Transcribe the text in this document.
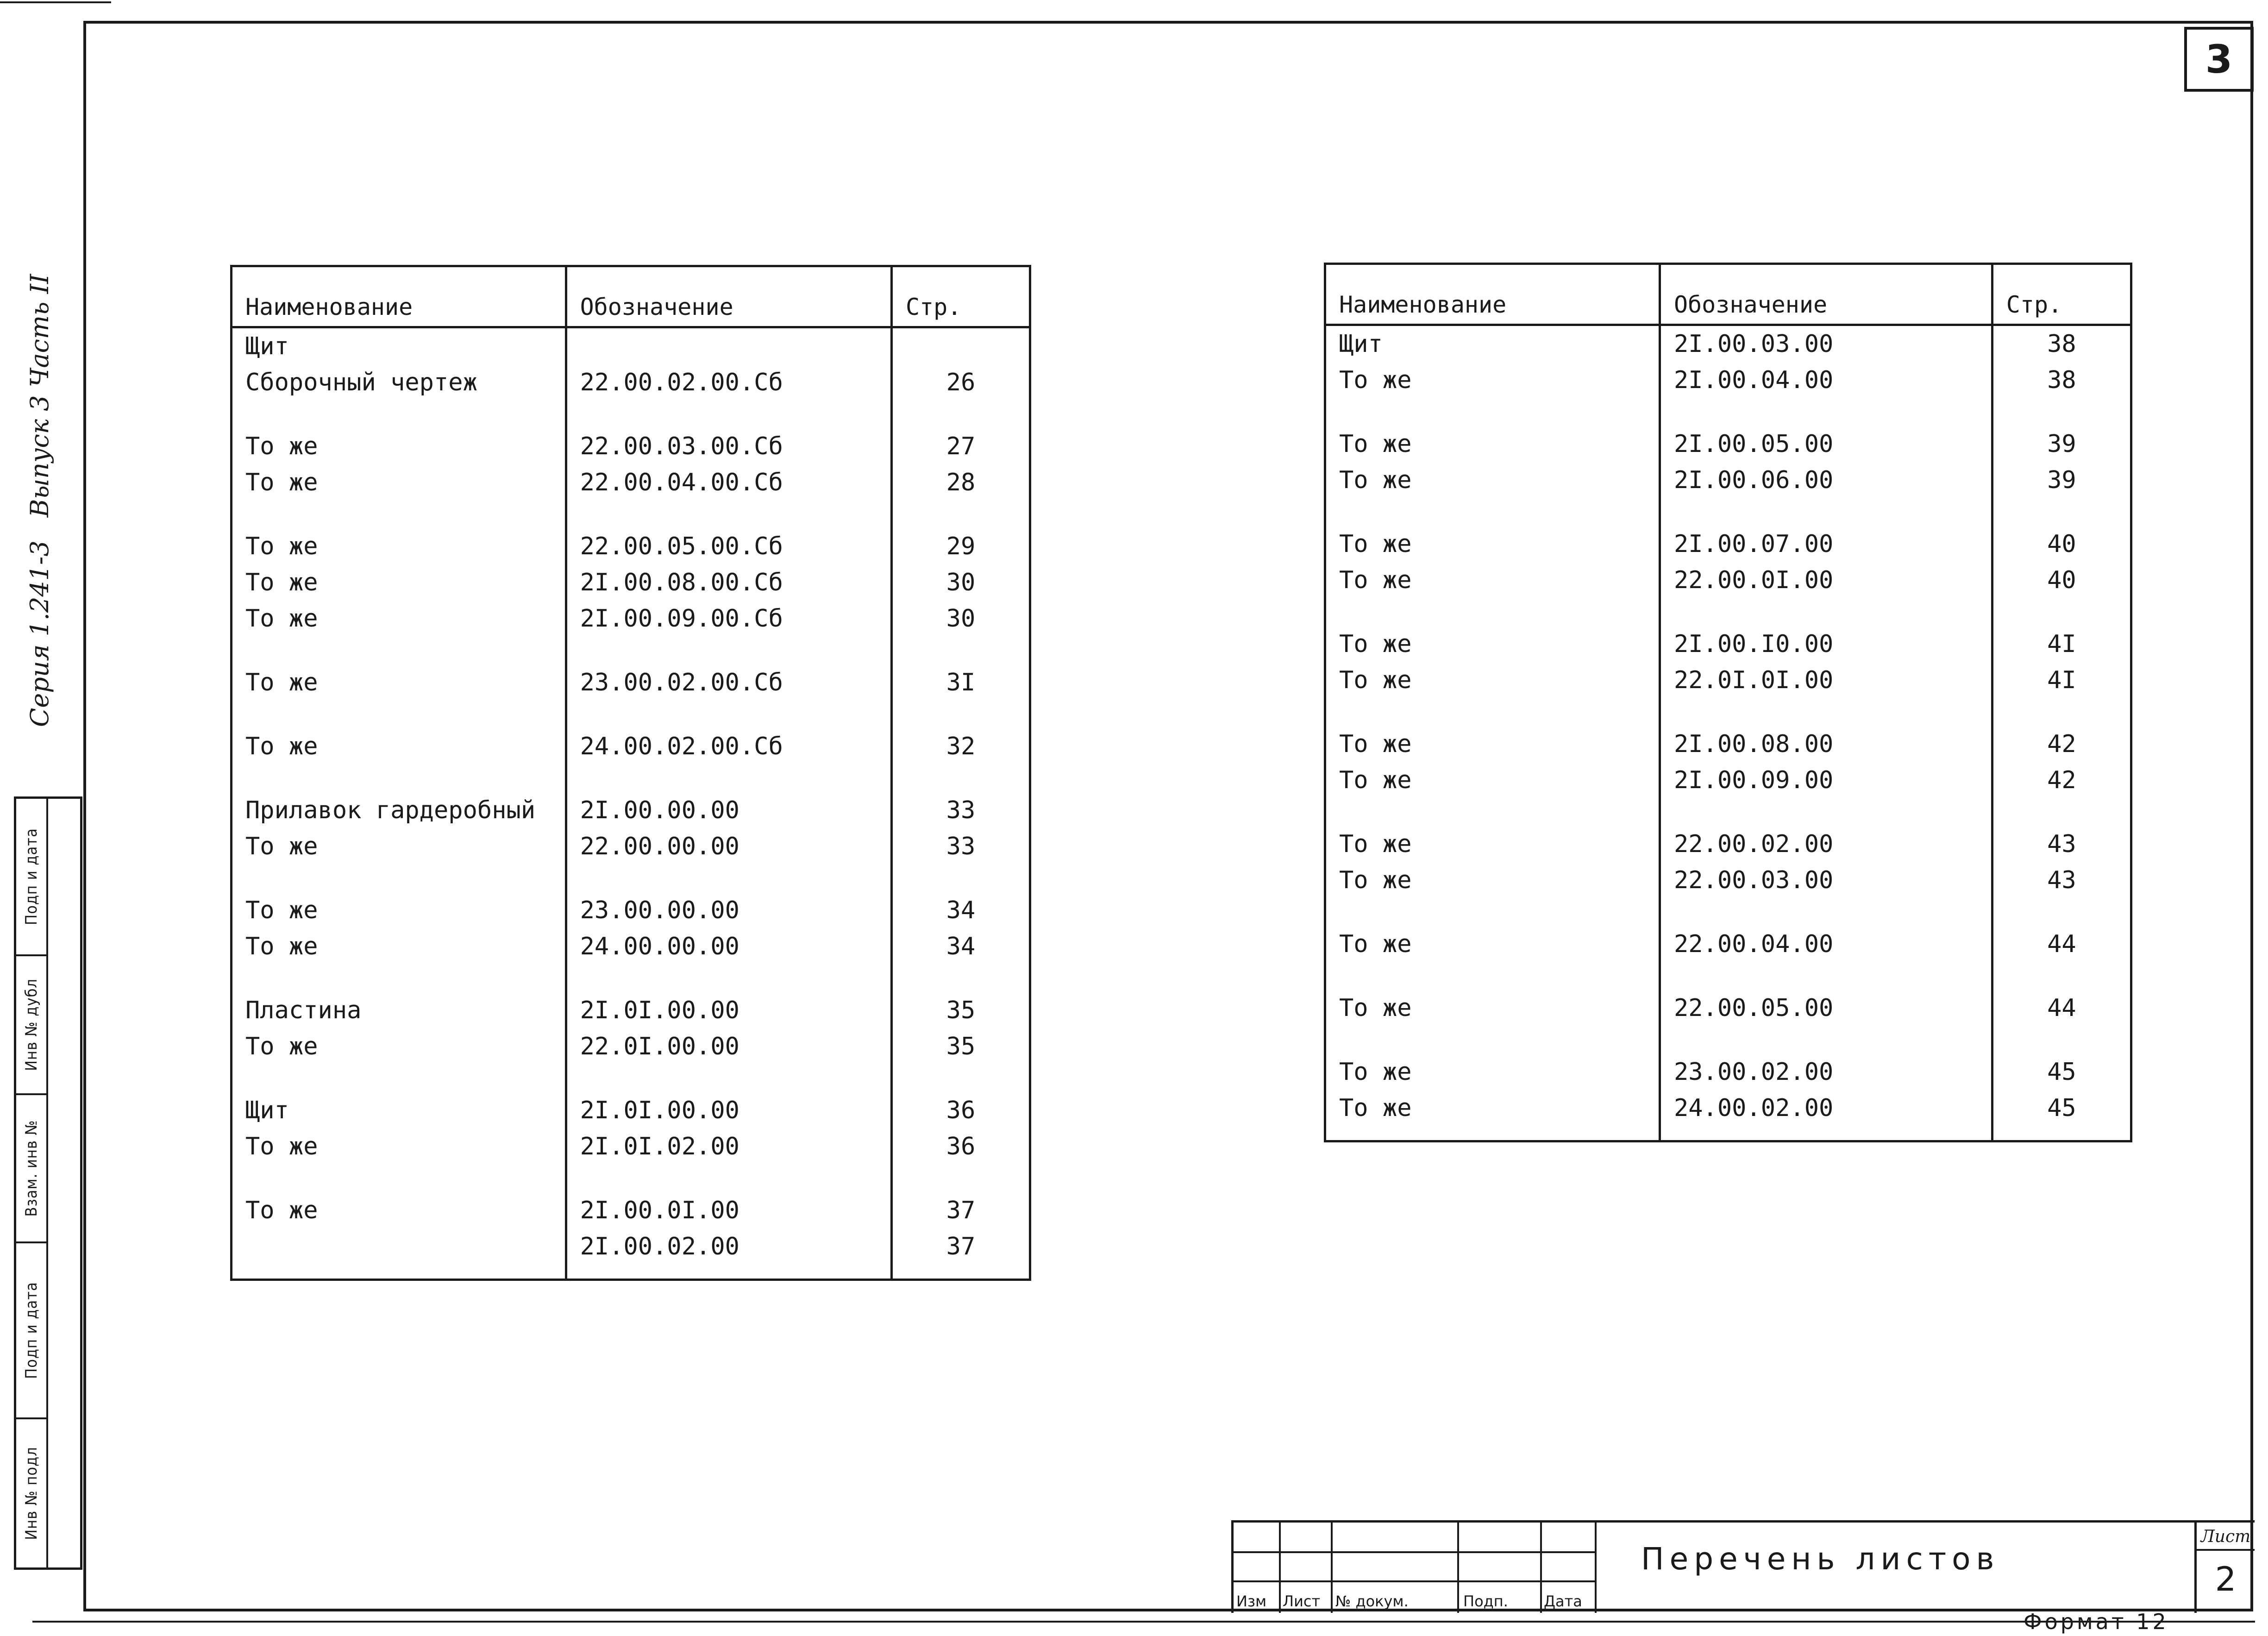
3
Серия 1.241-3
Выпуск 3 Часть II
Подп и дата
Инв № дубл
Взам. инв №
Подп и дата
Инв № подл
Наименование	Обозначение	Стр.
Щит		
Сборочный чертеж	22.00.02.00.Сб	26

То же	22.00.03.00.Сб	27
То же	22.00.04.00.Сб	28

То же	22.00.05.00.Сб	29
То же	2I.00.08.00.Сб	30
То же	2I.00.09.00.Сб	30

То же	23.00.02.00.Сб	3I

То же	24.00.02.00.Сб	32

Прилавок гардеробный	2I.00.00.00	33
То же	22.00.00.00	33

То же	23.00.00.00	34
То же	24.00.00.00	34

Пластина	2I.0I.00.00	35
То же	22.0I.00.00	35

Щит	2I.0I.00.00	36
То же	2I.0I.02.00	36

То же	2I.00.0I.00	37
	2I.00.02.00	37

Наименование	Обозначение	Стр.
Щит	2I.00.03.00	38
То же	2I.00.04.00	38

То же	2I.00.05.00	39
То же	2I.00.06.00	39

То же	2I.00.07.00	40
То же	22.00.0I.00	40

То же	2I.00.I0.00	4I
То же	22.0I.0I.00	4I

То же	2I.00.08.00	42
То же	2I.00.09.00	42

То же	22.00.02.00	43
То же	22.00.03.00	43

То же	22.00.04.00	44

То же	22.00.05.00	44

То же	23.00.02.00	45
То же	24.00.02.00	45

Изм Лист № докум.	Подп. Дата
Перечень листов
Лист
2
Формат 12
